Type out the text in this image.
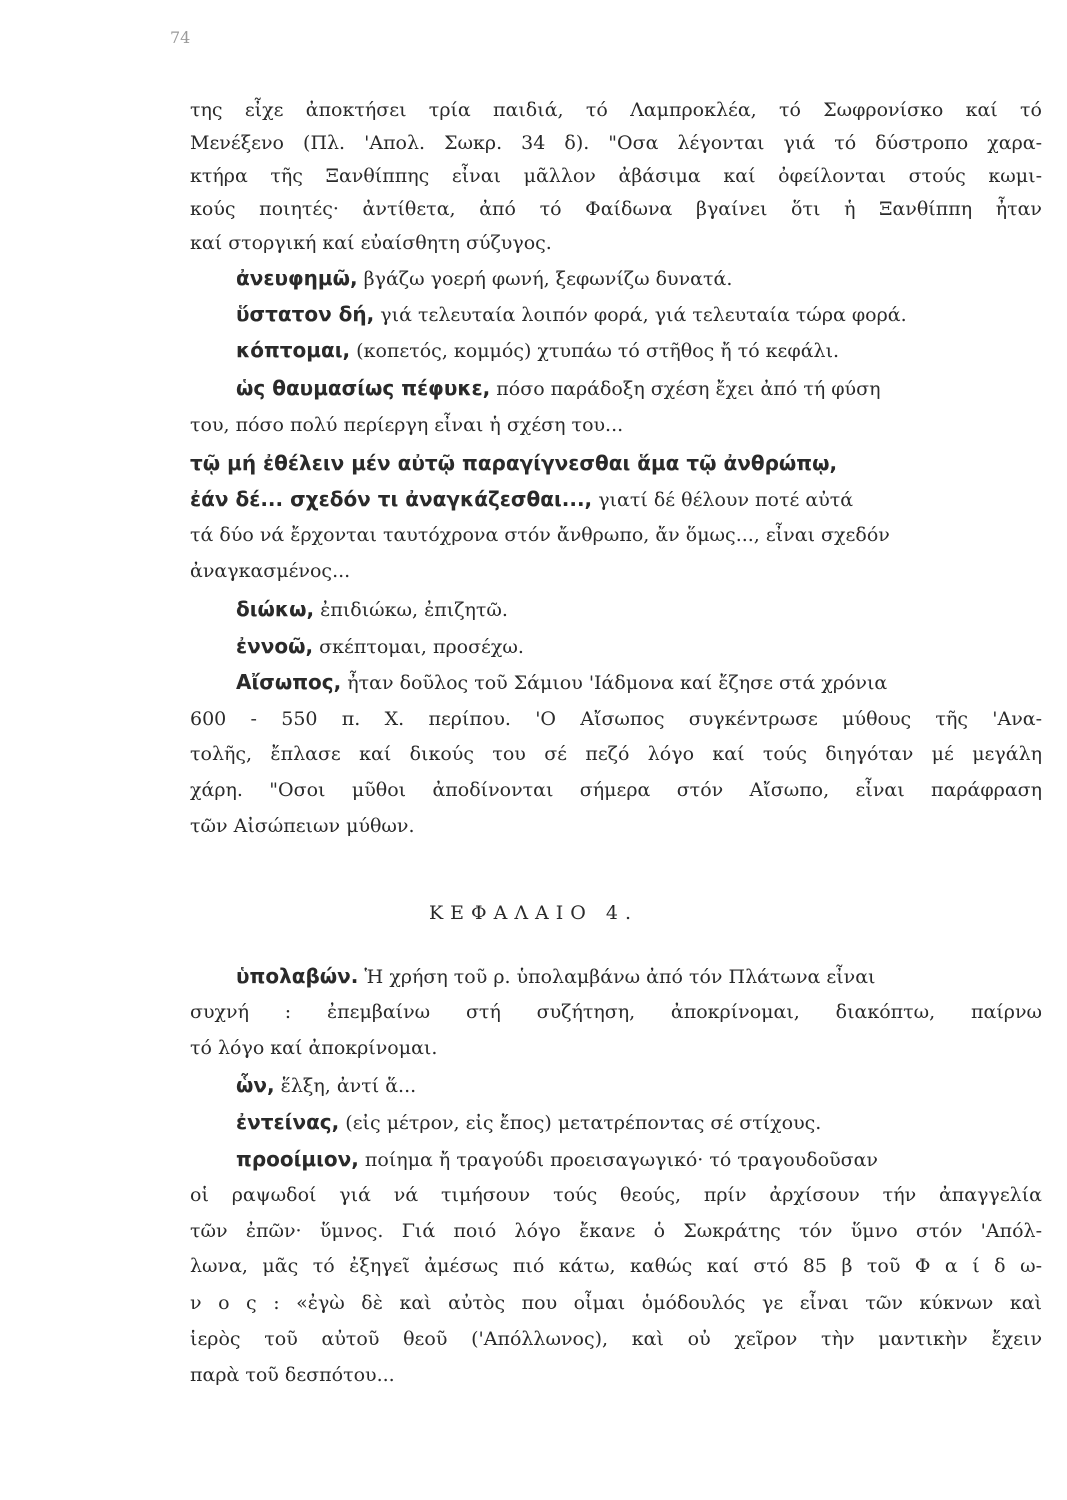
74
της εἶχε ἀποκτήσει τρία παιδιά, τό Λαμπροκλέα, τό Σωφρονίσκο καί τό
Μενέξενο (Πλ. 'Απολ. Σωκρ. 34 δ). "Οσα λέγονται γιά τό δύστροπο χαρα-
κτήρα τῆς Ξανθίππης εἶναι μᾶλλον ἀβάσιμα καί ὀφείλονται στούς κωμι-
κούς ποιητές· ἀντίθετα, ἀπό τό Φαίδωνα βγαίνει ὅτι ἡ Ξανθίππη ἦταν
καί στοργική καί εὐαίσθητη σύζυγος.
ἀνευφημῶ, βγάζω γοερή φωνή, ξεφωνίζω δυνατά.
ὕστατον δή, γιά τελευταία λοιπόν φορά, γιά τελευταία τώρα φορά.
κόπτομαι, (κοπετός, κομμός) χτυπάω τό στῆθος ἤ τό κεφάλι.
ὡς θαυμασίως πέφυκε, πόσο παράδοξη σχέση ἔχει ἀπό τή φύση
του, πόσο πολύ περίεργη εἶναι ἡ σχέση του...
τῷ μή ἐθέλειν μέν αὐτῷ παραγίγνεσθαι ἅμα τῷ ἀνθρώπῳ,
ἐάν δέ... σχεδόν τι ἀναγκάζεσθαι..., γιατί δέ θέλουν ποτέ αὐτά
τά δύο νά ἔρχονται ταυτόχρονα στόν ἄνθρωπο, ἄν ὅμως..., εἶναι σχεδόν
ἀναγκασμένος...
διώκω, ἐπιδιώκω, ἐπιζητῶ.
ἐννοῶ, σκέπτομαι, προσέχω.
Αἴσωπος, ἦταν δοῦλος τοῦ Σάμιου 'Ιάδμονα καί ἔζησε στά χρόνια
600 - 550 π. Χ. περίπου. 'Ο Αἴσωπος συγκέντρωσε μύθους τῆς 'Ανα-
τολῆς, ἔπλασε καί δικούς του σέ πεζό λόγο καί τούς διηγόταν μέ μεγάλη
χάρη. "Οσοι μῦθοι ἀποδίνονται σήμερα στόν Αἴσωπο, εἶναι παράφραση
τῶν Αἰσώπειων μύθων.
ΚΕΦΑΛΑΙΟ 4.
ὑπολαβών. Ἡ χρήση τοῦ ρ. ὑπολαμβάνω ἀπό τόν Πλάτωνα εἶναι
συχνή : ἐπεμβαίνω στή συζήτηση, ἀποκρίνομαι, διακόπτω, παίρνω
τό λόγο καί ἀποκρίνομαι.
ὧν, ἕλξη, ἀντί ἅ...
ἐντείνας, (εἰς μέτρον, εἰς ἔπος) μετατρέποντας σέ στίχους.
προοίμιον, ποίημα ἤ τραγούδι προεισαγωγικό· τό τραγουδοῦσαν
οἱ ραψωδοί γιά νά τιμήσουν τούς θεούς, πρίν ἀρχίσουν τήν ἀπαγγελία
τῶν ἐπῶν· ὕμνος. Γιά ποιό λόγο ἔκανε ὁ Σωκράτης τόν ὕμνο στόν 'Απόλ-
λωνα, μᾶς τό ἐξηγεῖ ἀμέσως πιό κάτω, καθώς καί στό 85 β τοῦ Φ α ί δ ω-
ν ο ς : «ἐγὼ δὲ καὶ αὐτὸς που οἶμαι ὁμόδουλός γε εἶναι τῶν κύκνων καὶ
ἱερὸς τοῦ αὐτοῦ θεοῦ ('Απόλλωνος), καὶ οὐ χεῖρον τὴν μαντικὴν ἔχειν
παρὰ τοῦ δεσπότου...
